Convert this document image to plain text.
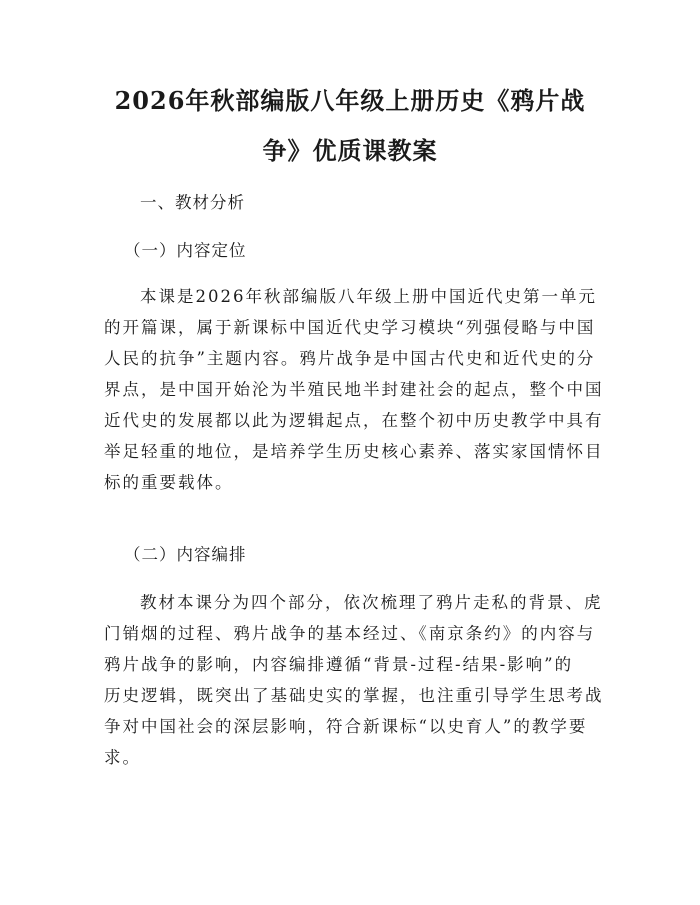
2026年秋部编版八年级上册历史《鸦片战
争》优质课教案
一、教材分析
（一）内容定位
本课是2026年秋部编版八年级上册中国近代史第一单元
的开篇课，属于新课标中国近代史学习模块“列强侵略与中国
人民的抗争”主题内容。鸦片战争是中国古代史和近代史的分
界点，是中国开始沦为半殖民地半封建社会的起点，整个中国
近代史的发展都以此为逻辑起点，在整个初中历史教学中具有
举足轻重的地位，是培养学生历史核心素养、落实家国情怀目
标的重要载体。
（二）内容编排
教材本课分为四个部分，依次梳理了鸦片走私的背景、虎
门销烟的过程、鸦片战争的基本经过、《南京条约》的内容与
鸦片战争的影响，内容编排遵循“背景-过程-结果-影响”的
历史逻辑，既突出了基础史实的掌握，也注重引导学生思考战
争对中国社会的深层影响，符合新课标“以史育人”的教学要
求。
